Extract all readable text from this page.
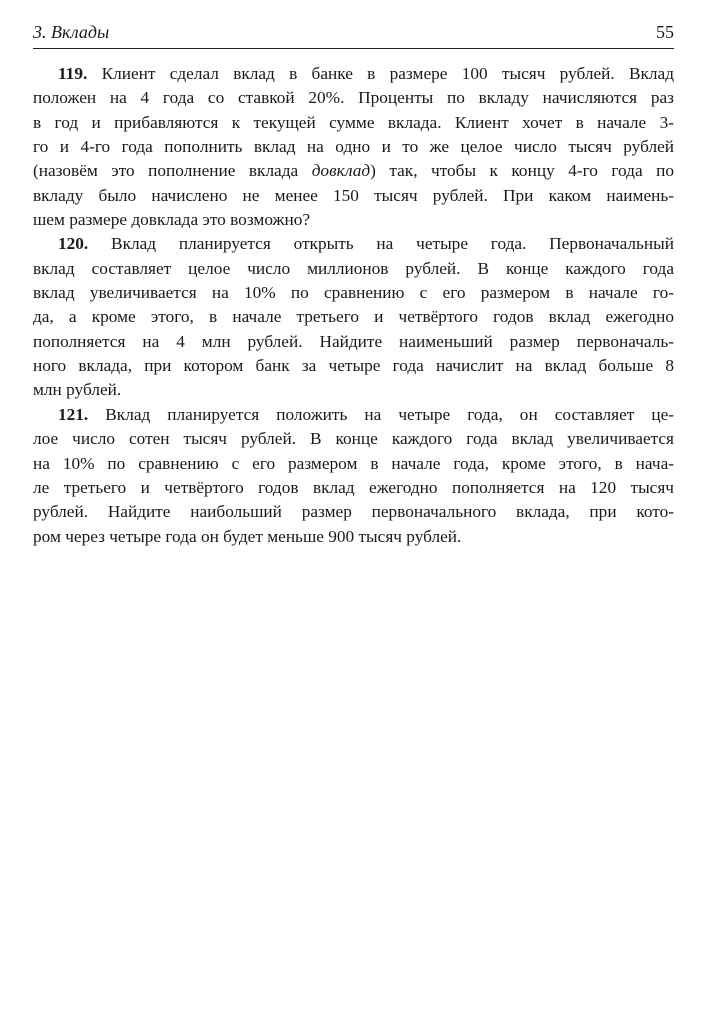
3. Вклады	55
119. Клиент сделал вклад в банке в размере 100 тысяч рублей. Вклад
положен на 4 года со ставкой 20%. Проценты по вкладу начисляются раз
в год и прибавляются к текущей сумме вклада. Клиент хочет в начале 3-
го и 4-го года пополнить вклад на одно и то же целое число тысяч рублей
(назовём это пополнение вклада довклад) так, чтобы к концу 4-го года по
вкладу было начислено не менее 150 тысяч рублей. При каком наимень-
шем размере довклада это возможно?
120. Вклад планируется открыть на четыре года. Первоначальный
вклад составляет целое число миллионов рублей. В конце каждого года
вклад увеличивается на 10% по сравнению с его размером в начале го-
да, а кроме этого, в начале третьего и четвёртого годов вклад ежегодно
пополняется на 4 млн рублей. Найдите наименьший размер первоначаль-
ного вклада, при котором банк за четыре года начислит на вклад больше 8
млн рублей.
121. Вклад планируется положить на четыре года, он составляет це-
лое число сотен тысяч рублей. В конце каждого года вклад увеличивается
на 10% по сравнению с его размером в начале года, кроме этого, в нача-
ле третьего и четвёртого годов вклад ежегодно пополняется на 120 тысяч
рублей. Найдите наибольший размер первоначального вклада, при кото-
ром через четыре года он будет меньше 900 тысяч рублей.
